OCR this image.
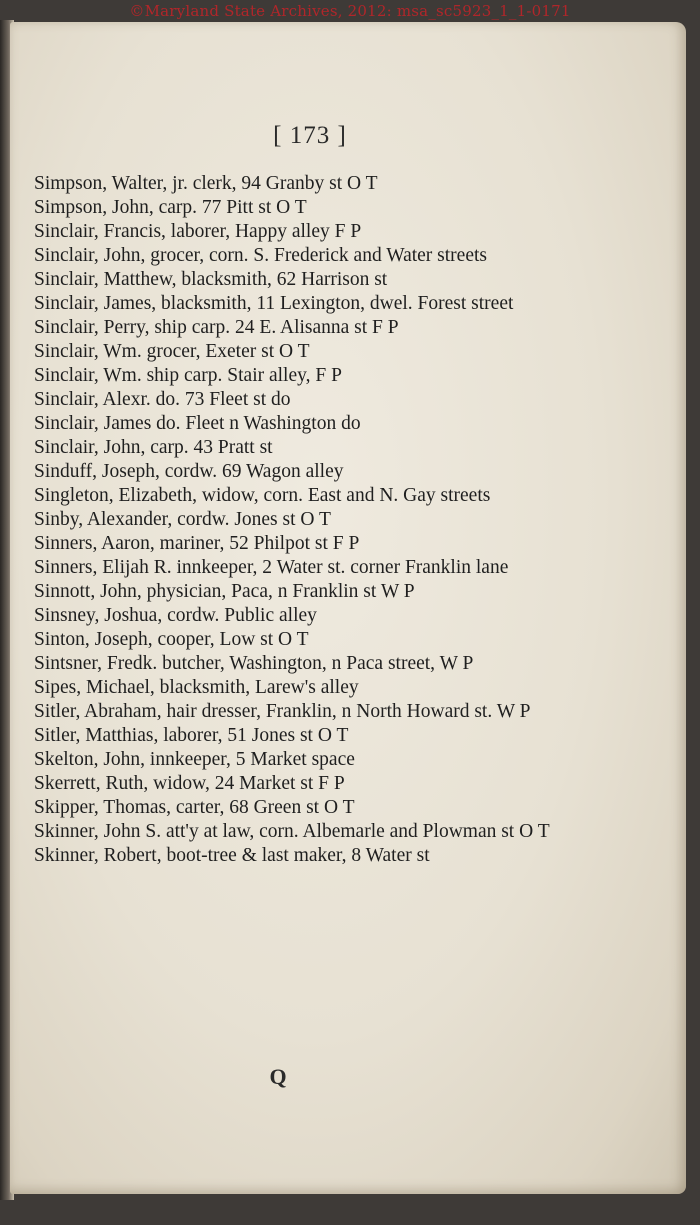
©Maryland State Archives, 2012: msa_sc5923_1_1-0171
[ 173 ]
Simpson, Walter, jr. clerk, 94 Granby st O T
Simpson, John, carp. 77 Pitt st O T
Sinclair, Francis, laborer, Happy alley F P
Sinclair, John, grocer, corn. S. Frederick and Water streets
Sinclair, Matthew, blacksmith, 62 Harrison st
Sinclair, James, blacksmith, 11 Lexington, dwel. Forest street
Sinclair, Perry, ship carp. 24 E. Alisanna st F P
Sinclair, Wm. grocer, Exeter st O T
Sinclair, Wm. ship carp. Stair alley, F P
Sinclair, Alexr. do. 73 Fleet st do
Sinclair, James do. Fleet n Washington do
Sinclair, John, carp. 43 Pratt st
Sinduff, Joseph, cordw. 69 Wagon alley
Singleton, Elizabeth, widow, corn. East and N. Gay streets
Sinby, Alexander, cordw. Jones st O T
Sinners, Aaron, mariner, 52 Philpot st F P
Sinners, Elijah R. innkeeper, 2 Water st. corner Franklin lane
Sinnott, John, physician, Paca, n Franklin st W P
Sinsney, Joshua, cordw. Public alley
Sinton, Joseph, cooper, Low st O T
Sintsner, Fredk. butcher, Washington, n Paca street, W P
Sipes, Michael, blacksmith, Larew's alley
Sitler, Abraham, hair dresser, Franklin, n North Howard st. W P
Sitler, Matthias, laborer, 51 Jones st O T
Skelton, John, innkeeper, 5 Market space
Skerrett, Ruth, widow, 24 Market st F P
Skipper, Thomas, carter, 68 Green st O T
Skinner, John S. att'y at law, corn. Albemarle and Plowman st O T
Skinner, Robert, boot-tree & last maker, 8 Water st
Q
